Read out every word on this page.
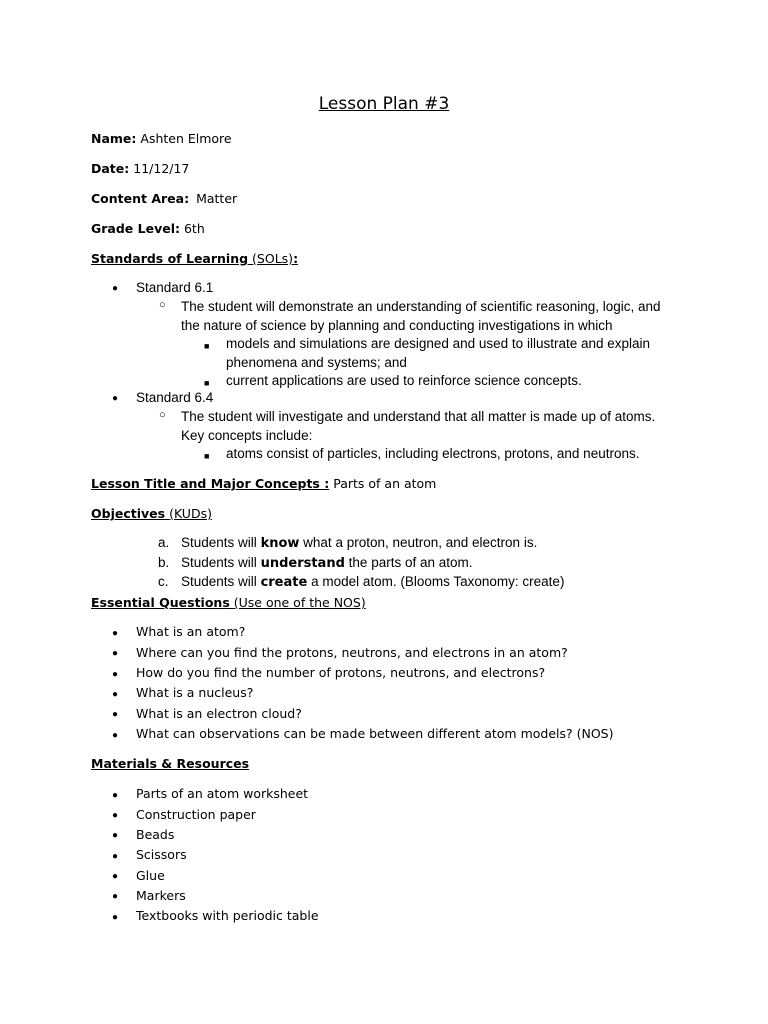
Lesson Plan #3
Name: Ashten Elmore
Date: 11/12/17
Content Area: Matter
Grade Level: 6th
Standards of Learning (SOLs):
● Standard 6.1
○ The student will demonstrate an understanding of scientific reasoning, logic, and
the nature of science by planning and conducting investigations in which
■ models and simulations are designed and used to illustrate and explain
phenomena and systems; and
■ current applications are used to reinforce science concepts.
● Standard 6.4
○ The student will investigate and understand that all matter is made up of atoms.
Key concepts include:
■ atoms consist of particles, including electrons, protons, and neutrons.
Lesson Title and Major Concepts : Parts of an atom
Objectives (KUDs)
a. Students will know what a proton, neutron, and electron is.
b. Students will understand the parts of an atom.
c. Students will create a model atom. (Blooms Taxonomy: create)
Essential Questions (Use one of the NOS)
● What is an atom?
● Where can you find the protons, neutrons, and electrons in an atom?
● How do you find the number of protons, neutrons, and electrons?
● What is a nucleus?
● What is an electron cloud?
● What can observations can be made between different atom models? (NOS)
Materials & Resources
● Parts of an atom worksheet
● Construction paper
● Beads
● Scissors
● Glue
● Markers
● Textbooks with periodic table
